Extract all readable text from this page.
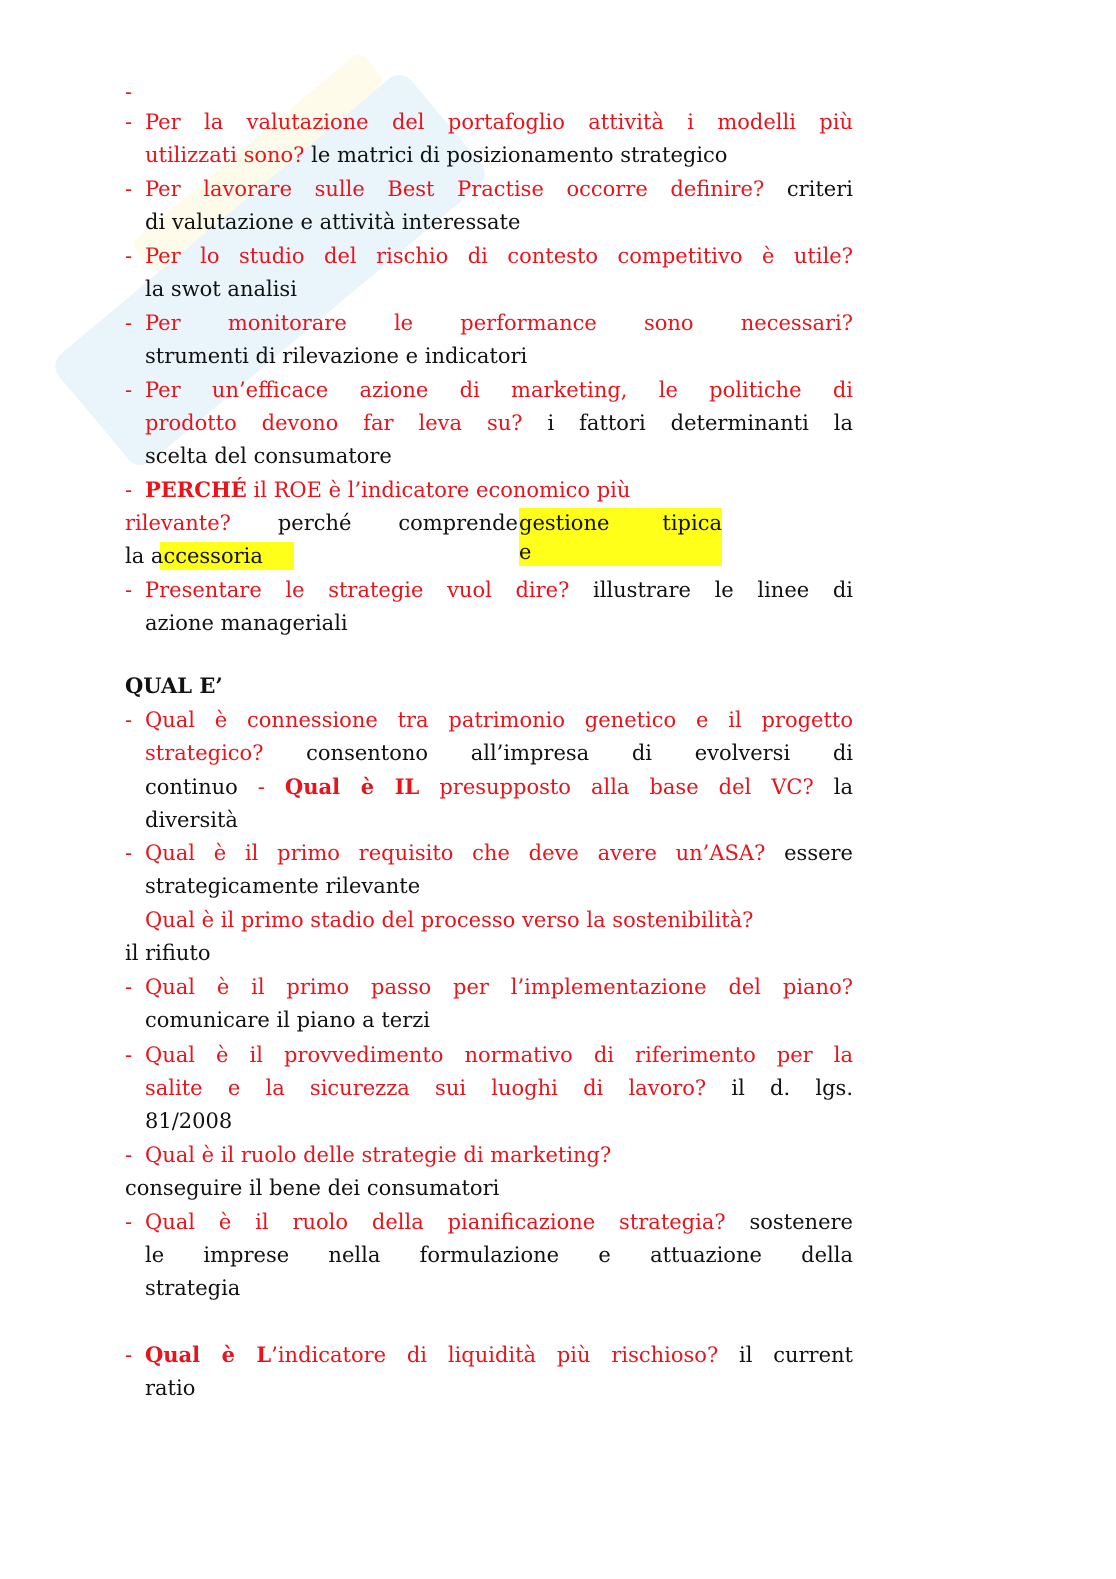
gestione tipica
e
-
- Per la valutazione del portafoglio attività i modelli più
utilizzati sono? le matrici di posizionamento strategico
- Per lavorare sulle Best Practise occorre definire? criteri
di valutazione e attività interessate
- Per lo studio del rischio di contesto competitivo è utile?
la swot analisi
- Per monitorare le performance sono necessari?
strumenti di rilevazione e indicatori
- Per un’efficace azione di marketing, le politiche di
prodotto devono far leva su? i fattori determinanti la
scelta del consumatore
- PERCHÉ il ROE è l’indicatore economico più
rilevante? perché comprende
la accessoria
- Presentare le strategie vuol dire? illustrare le linee di
azione manageriali
QUAL E’
- Qual è connessione tra patrimonio genetico e il progetto
strategico? consentono all’impresa di evolversi di
continuo - Qual è IL presupposto alla base del VC? la
diversità
- Qual è il primo requisito che deve avere un’ASA? essere
strategicamente rilevante
Qual è il primo stadio del processo verso la sostenibilità?
il rifiuto
- Qual è il primo passo per l’implementazione del piano?
comunicare il piano a terzi
- Qual è il provvedimento normativo di riferimento per la
salite e la sicurezza sui luoghi di lavoro? il d. lgs.
81/2008
- Qual è il ruolo delle strategie di marketing?
conseguire il bene dei consumatori
- Qual è il ruolo della pianificazione strategia? sostenere
le imprese nella formulazione e attuazione della
strategia
- Qual è L’indicatore di liquidità più rischioso? il current
ratio
